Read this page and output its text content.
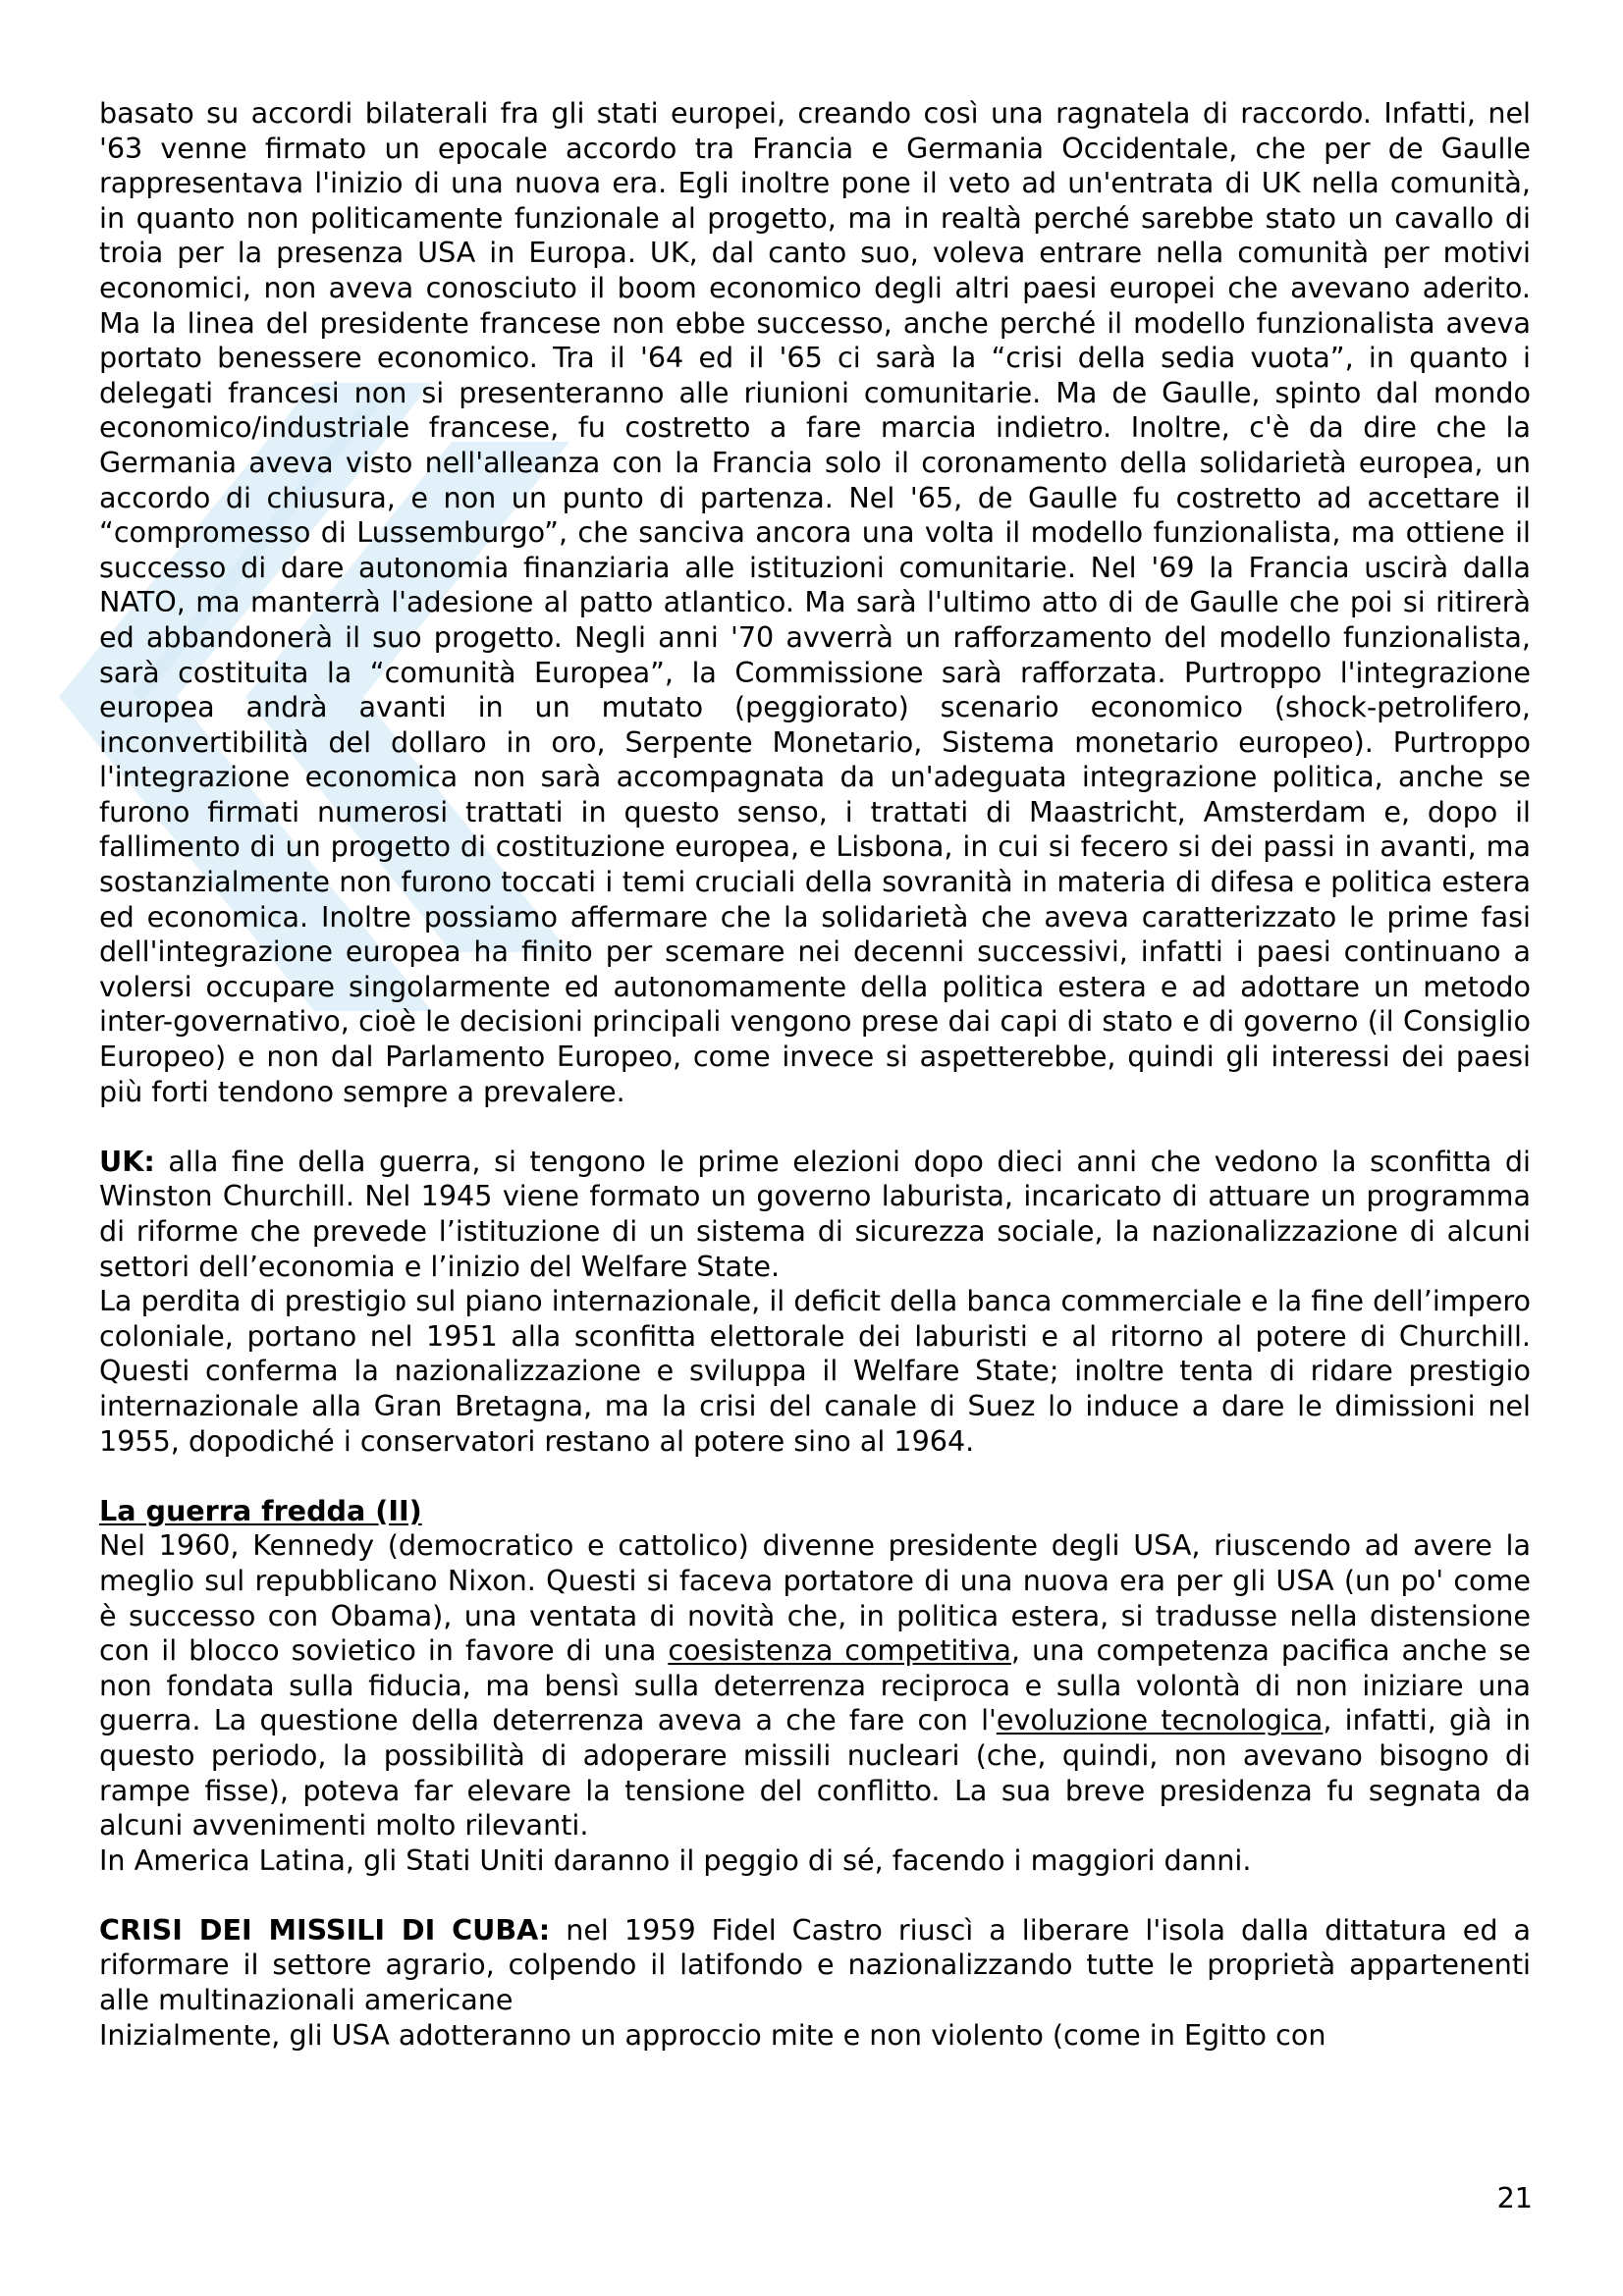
basato su accordi bilaterali fra gli stati europei, creando così una ragnatela di raccordo. Infatti, nel '63 venne firmato un epocale accordo tra Francia e Germania Occidentale, che per de Gaulle rappresentava l'inizio di una nuova era. Egli inoltre pone il veto ad un'entrata di UK nella comunità, in quanto non politicamente funzionale al progetto, ma in realtà perché sarebbe stato un cavallo di troia per la presenza USA in Europa. UK, dal canto suo, voleva entrare nella comunità per motivi economici, non aveva conosciuto il boom economico degli altri paesi europei che avevano aderito. Ma la linea del presidente francese non ebbe successo, anche perché il modello funzionalista aveva portato benessere economico. Tra il '64 ed il '65 ci sarà la “crisi della sedia vuota”, in quanto i delegati francesi non si presenteranno alle riunioni comunitarie. Ma de Gaulle, spinto dal mondo economico/industriale francese, fu costretto a fare marcia indietro. Inoltre, c'è da dire che la Germania aveva visto nell'alleanza con la Francia solo il coronamento della solidarietà europea, un accordo di chiusura, e non un punto di partenza. Nel '65, de Gaulle fu costretto ad accettare il “compromesso di Lussemburgo”, che sanciva ancora una volta il modello funzionalista, ma ottiene il successo di dare autonomia finanziaria alle istituzioni comunitarie. Nel '69 la Francia uscirà dalla NATO, ma manterrà l'adesione al patto atlantico. Ma sarà l'ultimo atto di de Gaulle che poi si ritirerà ed abbandonerà il suo progetto. Negli anni '70 avverrà un rafforzamento del modello funzionalista, sarà costituita la “comunità Europea”, la Commissione sarà rafforzata. Purtroppo l'integrazione europea andrà avanti in un mutato (peggiorato) scenario economico (shock-petrolifero, inconvertibilità del dollaro in oro, Serpente Monetario, Sistema monetario europeo). Purtroppo l'integrazione economica non sarà accompagnata da un'adeguata integrazione politica, anche se furono firmati numerosi trattati in questo senso, i trattati di Maastricht, Amsterdam e, dopo il fallimento di un progetto di costituzione europea, e Lisbona, in cui si fecero si dei passi in avanti, ma sostanzialmente non furono toccati i temi cruciali della sovranità in materia di difesa e politica estera ed economica. Inoltre possiamo affermare che la solidarietà che aveva caratterizzato le prime fasi dell'integrazione europea ha finito per scemare nei decenni successivi, infatti i paesi continuano a volersi occupare singolarmente ed autonomamente della politica estera e ad adottare un metodo inter-governativo, cioè le decisioni principali vengono prese dai capi di stato e di governo (il Consiglio Europeo) e non dal Parlamento Europeo, come invece si aspetterebbe, quindi gli interessi dei paesi più forti tendono sempre a prevalere.

UK: alla fine della guerra, si tengono le prime elezioni dopo dieci anni che vedono la sconfitta di Winston Churchill. Nel 1945 viene formato un governo laburista, incaricato di attuare un programma di riforme che prevede l’istituzione di un sistema di sicurezza sociale, la nazionalizzazione di alcuni settori dell’economia e l’inizio del Welfare State.

La perdita di prestigio sul piano internazionale, il deficit della banca commerciale e la fine dell’impero coloniale, portano nel 1951 alla sconfitta elettorale dei laburisti e al ritorno al potere di Churchill. Questi conferma la nazionalizzazione e sviluppa il Welfare State; inoltre tenta di ridare prestigio internazionale alla Gran Bretagna, ma la crisi del canale di Suez lo induce a dare le dimissioni nel 1955, dopodiché i conservatori restano al potere sino al 1964.

La guerra fredda (II)

Nel 1960, Kennedy (democratico e cattolico) divenne presidente degli USA, riuscendo ad avere la meglio sul repubblicano Nixon. Questi si faceva portatore di una nuova era per gli USA (un po' come è successo con Obama), una ventata di novità che, in politica estera, si tradusse nella distensione con il blocco sovietico in favore di una coesistenza competitiva, una competenza pacifica anche se non fondata sulla fiducia, ma bensì sulla deterrenza reciproca e sulla volontà di non iniziare una guerra. La questione della deterrenza aveva a che fare con l'evoluzione tecnologica, infatti, già in questo periodo, la possibilità di adoperare missili nucleari (che, quindi, non avevano bisogno di rampe fisse), poteva far elevare la tensione del conflitto. La sua breve presidenza fu segnata da alcuni avvenimenti molto rilevanti.

In America Latina, gli Stati Uniti daranno il peggio di sé, facendo i maggiori danni.

CRISI DEI MISSILI DI CUBA: nel 1959 Fidel Castro riuscì a liberare l'isola dalla dittatura ed a riformare il settore agrario, colpendo il latifondo e nazionalizzando tutte le proprietà appartenenti alle multinazionali americane

Inizialmente, gli USA adotteranno un approccio mite e non violento (come in Egitto con

21
